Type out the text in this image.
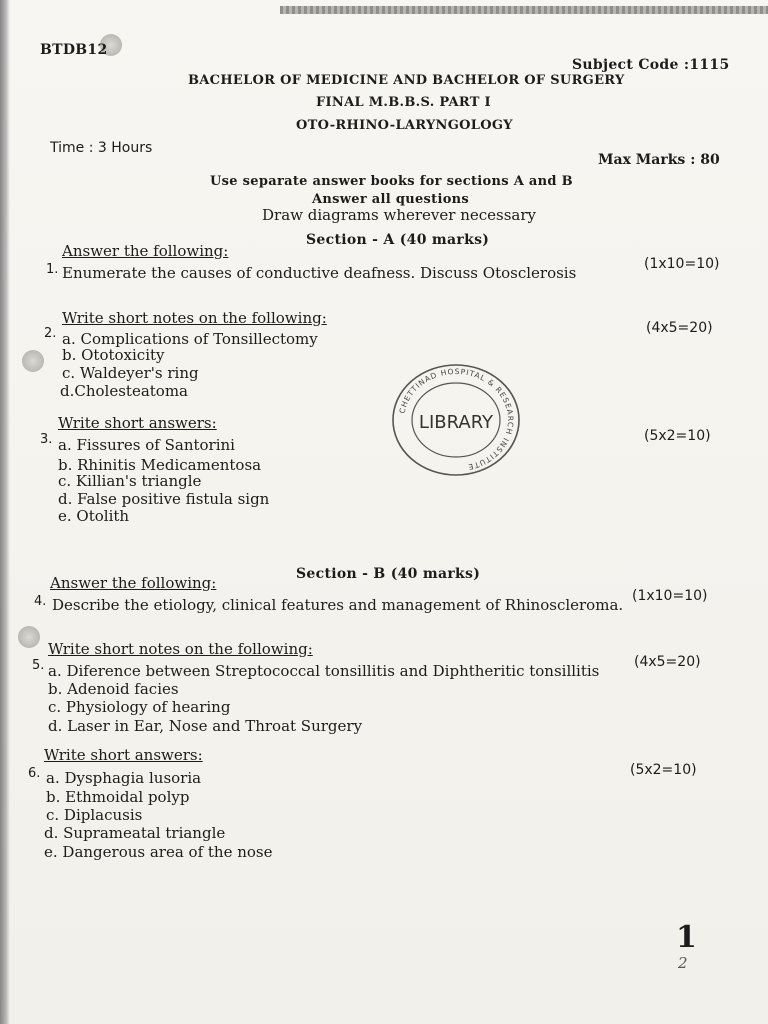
BTDB12
Subject Code :1115
BACHELOR OF MEDICINE AND BACHELOR OF SURGERY
FINAL M.B.B.S. PART I
OTO-RHINO-LARYNGOLOGY
Time : 3 Hours
Max Marks : 80
Use separate answer books for sections A and B
Answer all questions
Draw diagrams wherever necessary
Section - A (40 marks)
Answer the following:
1. Enumerate the causes of conductive deafness. Discuss Otosclerosis	(1x10=10)
Write short notes on the following:
2.	(4x5=20)
a. Complications of Tonsillectomy
b. Ototoxicity
c. Waldeyer's ring
d.Cholesteatoma
Write short answers:
3.	(5x2=10)
a. Fissures of Santorini
b. Rhinitis Medicamentosa
c. Killian's triangle
d. False positive fistula sign
e. Otolith
CHETTINAD HOSPITAL & RESEARCH INSTITUTE
LIBRARY
Section - B (40 marks)
Answer the following:
4. Describe the etiology, clinical features and management of Rhinoscleroma. (1x10=10)
Write short notes on the following:
5.	(4x5=20)
a. Diference between Streptococcal tonsillitis and Diphtheritic tonsillitis
b. Adenoid facies
c. Physiology of hearing
d. Laser in Ear, Nose and Throat Surgery
Write short answers:
6.	(5x2=10)
a. Dysphagia lusoria
b. Ethmoidal polyp
c. Diplacusis
d. Suprameatal triangle
e. Dangerous area of the nose
1
2
